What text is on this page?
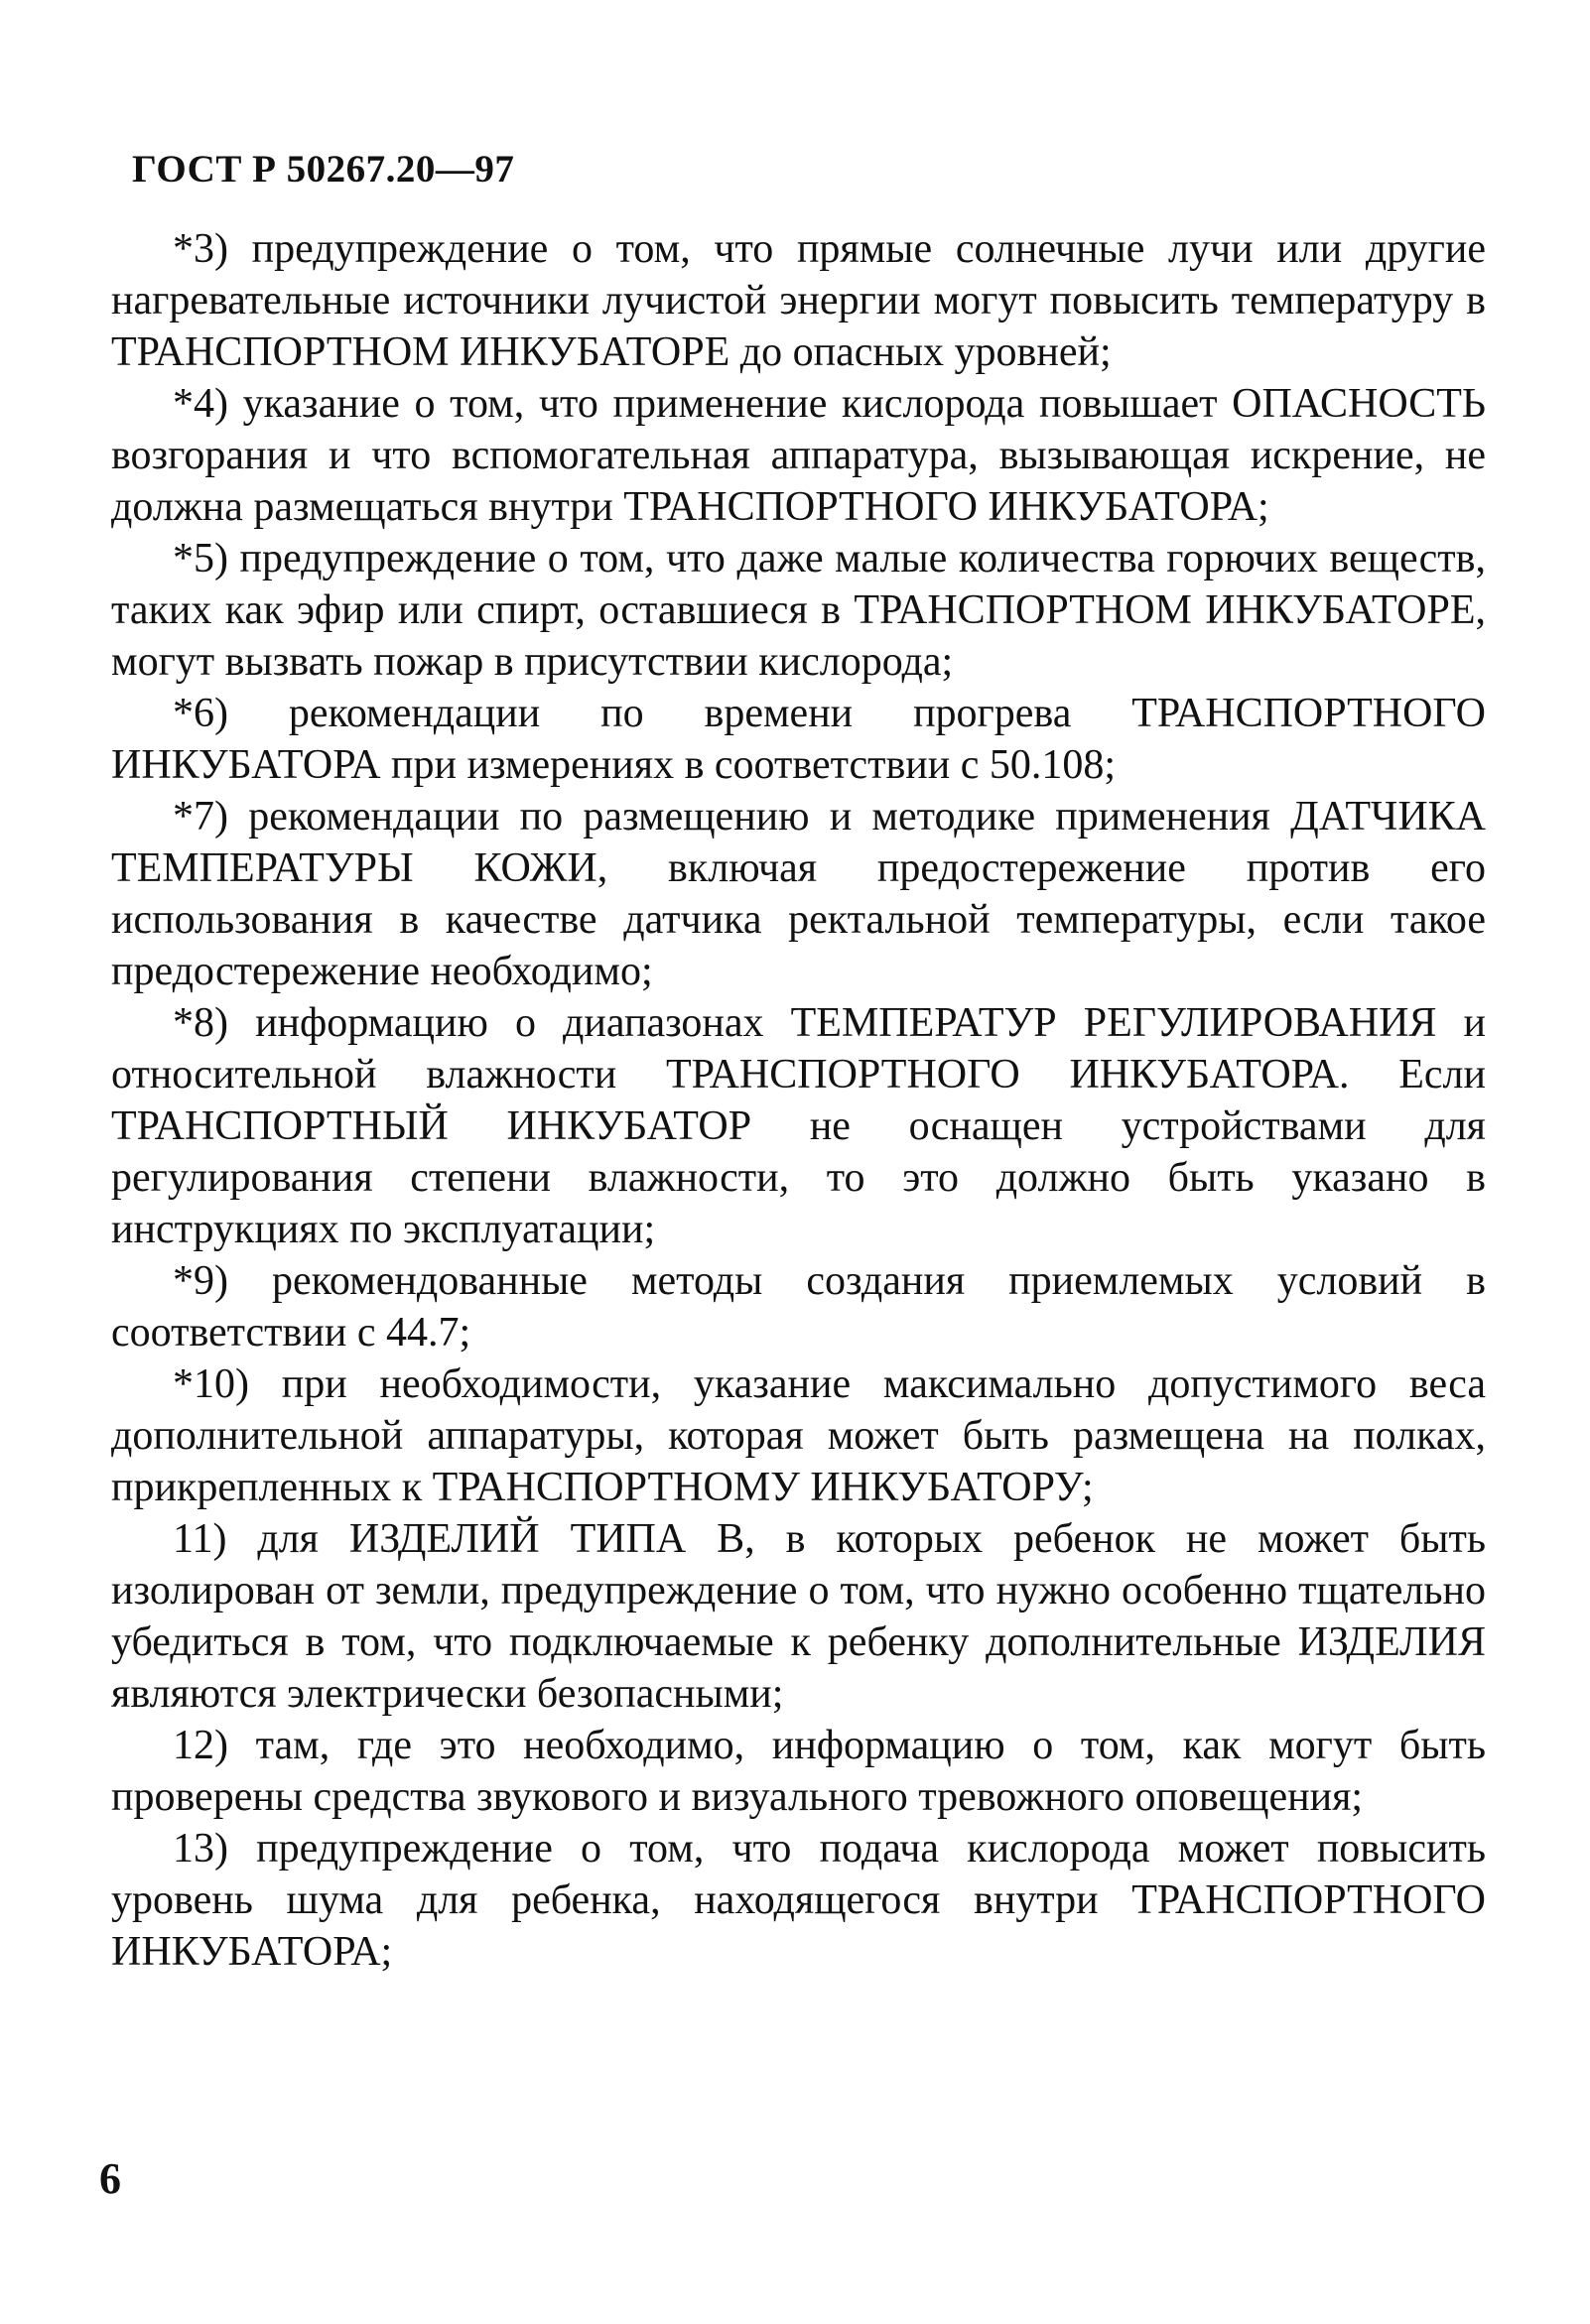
ГОСТ Р 50267.20—97

*3) предупреждение о том, что прямые солнечные лучи или другие нагревательные источники лучистой энергии могут повысить температуру в ТРАНСПОРТНОМ ИНКУБАТОРЕ до опасных уровней;

*4) указание о том, что применение кислорода повышает ОПАСНОСТЬ возгорания и что вспомогательная аппаратура, вызывающая искрение, не должна размещаться внутри ТРАНСПОРТНОГО ИНКУБАТОРА;

*5) предупреждение о том, что даже малые количества горючих веществ, таких как эфир или спирт, оставшиеся в ТРАНСПОРТНОМ ИНКУБАТОРЕ, могут вызвать пожар в присутствии кислорода;

*6) рекомендации по времени прогрева ТРАНСПОРТНОГО ИНКУБАТОРА при измерениях в соответствии с 50.108;

*7) рекомендации по размещению и методике применения ДАТЧИКА ТЕМПЕРАТУРЫ КОЖИ, включая предостережение против его использования в качестве датчика ректальной температуры, если такое предостережение необходимо;

*8) информацию о диапазонах ТЕМПЕРАТУР РЕГУЛИРОВАНИЯ и относительной влажности ТРАНСПОРТНОГО ИНКУБАТОРА. Если ТРАНСПОРТНЫЙ ИНКУБАТОР не оснащен устройствами для регулирования степени влажности, то это должно быть указано в инструкциях по эксплуатации;

*9) рекомендованные методы создания приемлемых условий в соответствии с 44.7;

*10) при необходимости, указание максимально допустимого веса дополнительной аппаратуры, которая может быть размещена на полках, прикрепленных к ТРАНСПОРТНОМУ ИНКУБАТОРУ;

11) для ИЗДЕЛИЙ ТИПА В, в которых ребенок не может быть изолирован от земли, предупреждение о том, что нужно особенно тщательно убедиться в том, что подключаемые к ребенку дополнительные ИЗДЕЛИЯ являются электрически безопасными;

12) там, где это необходимо, информацию о том, как могут быть проверены средства звукового и визуального тревожного оповещения;

13) предупреждение о том, что подача кислорода может повысить уровень шума для ребенка, находящегося внутри ТРАНСПОРТНОГО ИНКУБАТОРА;

6
